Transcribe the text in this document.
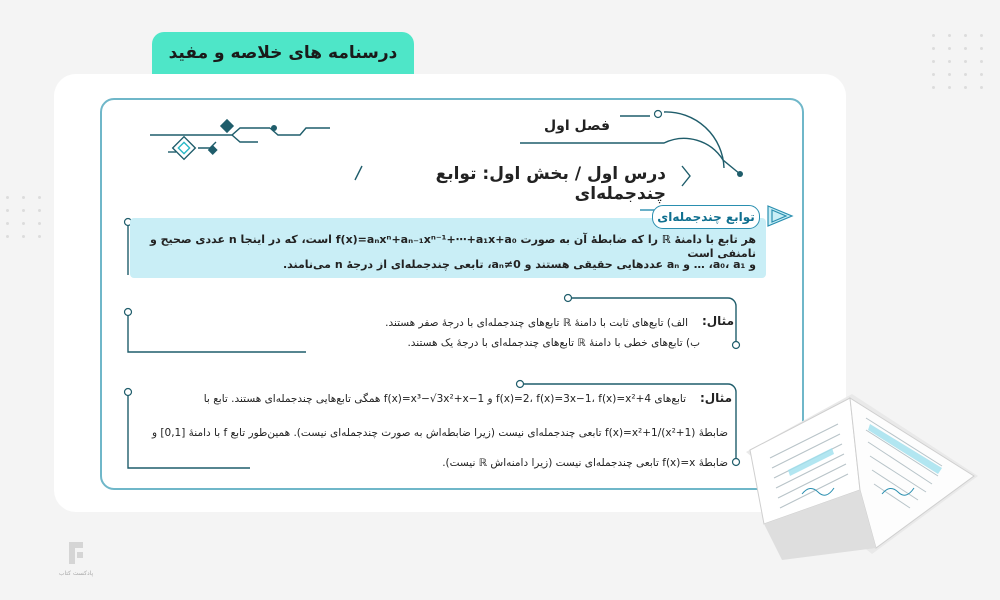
درسنامه های خلاصه و مفید
فصل اول
درس اول / بخش اول: توابع چندجمله‌ای
توابع چندجمله‌ای
هر تابع با دامنهٔ ℝ را که ضابطهٔ آن به صورت f(x)=aₙxⁿ+aₙ₋₁xⁿ⁻¹+⋯+a₁x+a₀ است، که در اینجا n عددی صحیح و نامنفی است
و a₀، a₁، … و aₙ عددهایی حقیقی هستند و aₙ≠0، تابعی چندجمله‌ای از درجهٔ n می‌نامند.
مثال:
الف) تابع‌های ثابت با دامنهٔ ℝ تابع‌های چندجمله‌ای با درجهٔ صفر هستند.
ب) تابع‌های خطی با دامنهٔ ℝ تابع‌های چندجمله‌ای با درجهٔ یک هستند.
مثال:
تابع‌های f(x)=2، f(x)=3x−1، f(x)=x²+4 و f(x)=x³−√3x²+x−1 همگی تابع‌هایی چندجمله‌ای هستند. تابع با
ضابطهٔ f(x)=x²+1/(x²+1) تابعی چندجمله‌ای نیست (زیرا ضابطه‌اش به صورت چندجمله‌ای نیست). همین‌طور تابع f با دامنهٔ [0,1] و
ضابطهٔ f(x)=x تابعی چندجمله‌ای نیست (زیرا دامنه‌اش ℝ نیست).
پادکست کتاب
